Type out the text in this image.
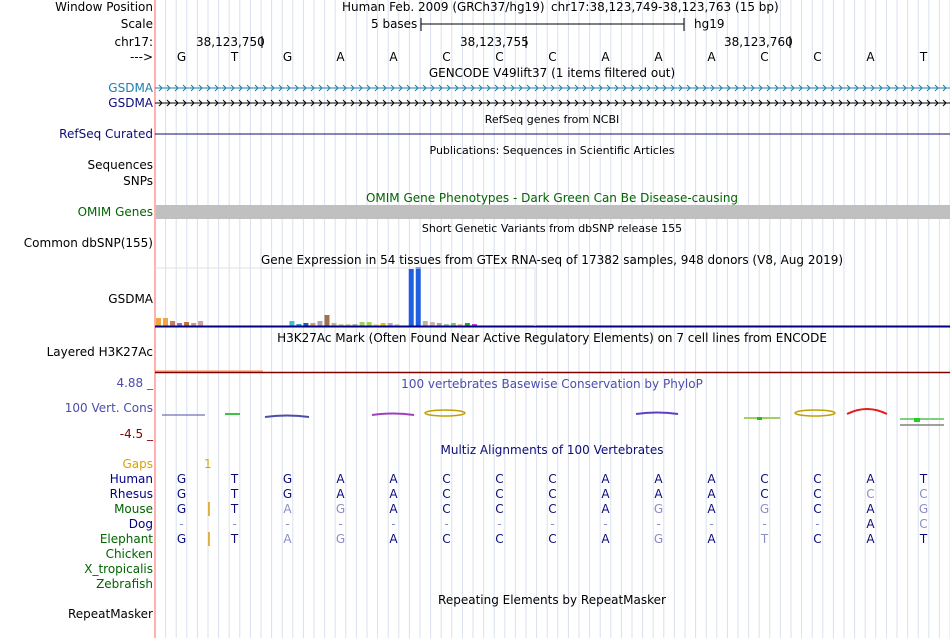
Window Position
Scale
chr17:
--->
Human Feb. 2009 (GRCh37/hg19) chr17:38,123,749-38,123,763 (15 bp)
5 bases	hg19
38,123,750	38,123,755	38,123,760
G	T	G	A	A	C	C	C	A	A	A	C	C	A	T
GSDMA
GSDMA
RefSeq Curated
Sequences
SNPs
OMIM Genes
Common dbSNP(155)
GSDMA
Layered H3K27Ac
4.88 _
100 Vert. Cons
-4.5 _
Gaps
RepeatMasker
Human
Rhesus
Mouse
Dog
Elephant
Chicken
X_tropicalis
Zebrafish
GENCODE V49lift37 (1 items filtered out)
RefSeq genes from NCBI
Publications: Sequences in Scientific Articles
OMIM Gene Phenotypes - Dark Green Can Be Disease-causing
Short Genetic Variants from dbSNP release 155
Gene Expression in 54 tissues from GTEx RNA-seq of 17382 samples, 948 donors (V8, Aug 2019)
H3K27Ac Mark (Often Found Near Active Regulatory Elements) on 7 cell lines from ENCODE
100 vertebrates Basewise Conservation by PhyloP
Multiz Alignments of 100 Vertebrates
1
Repeating Elements by RepeatMasker
G	T	G	A	A	C	C	C	A	A	A	C	C	A	T
G	T	G	A	A	C	C	C	A	A	A	C	C	C	C
G	T	A	G	A	C	C	C	A	G	A	G	C	A	G
-	-	-	-	-	-	-	-	-	-	-	-	-	A	C
G	T	A	G	A	C	C	C	A	G	A	T	C	A	T
